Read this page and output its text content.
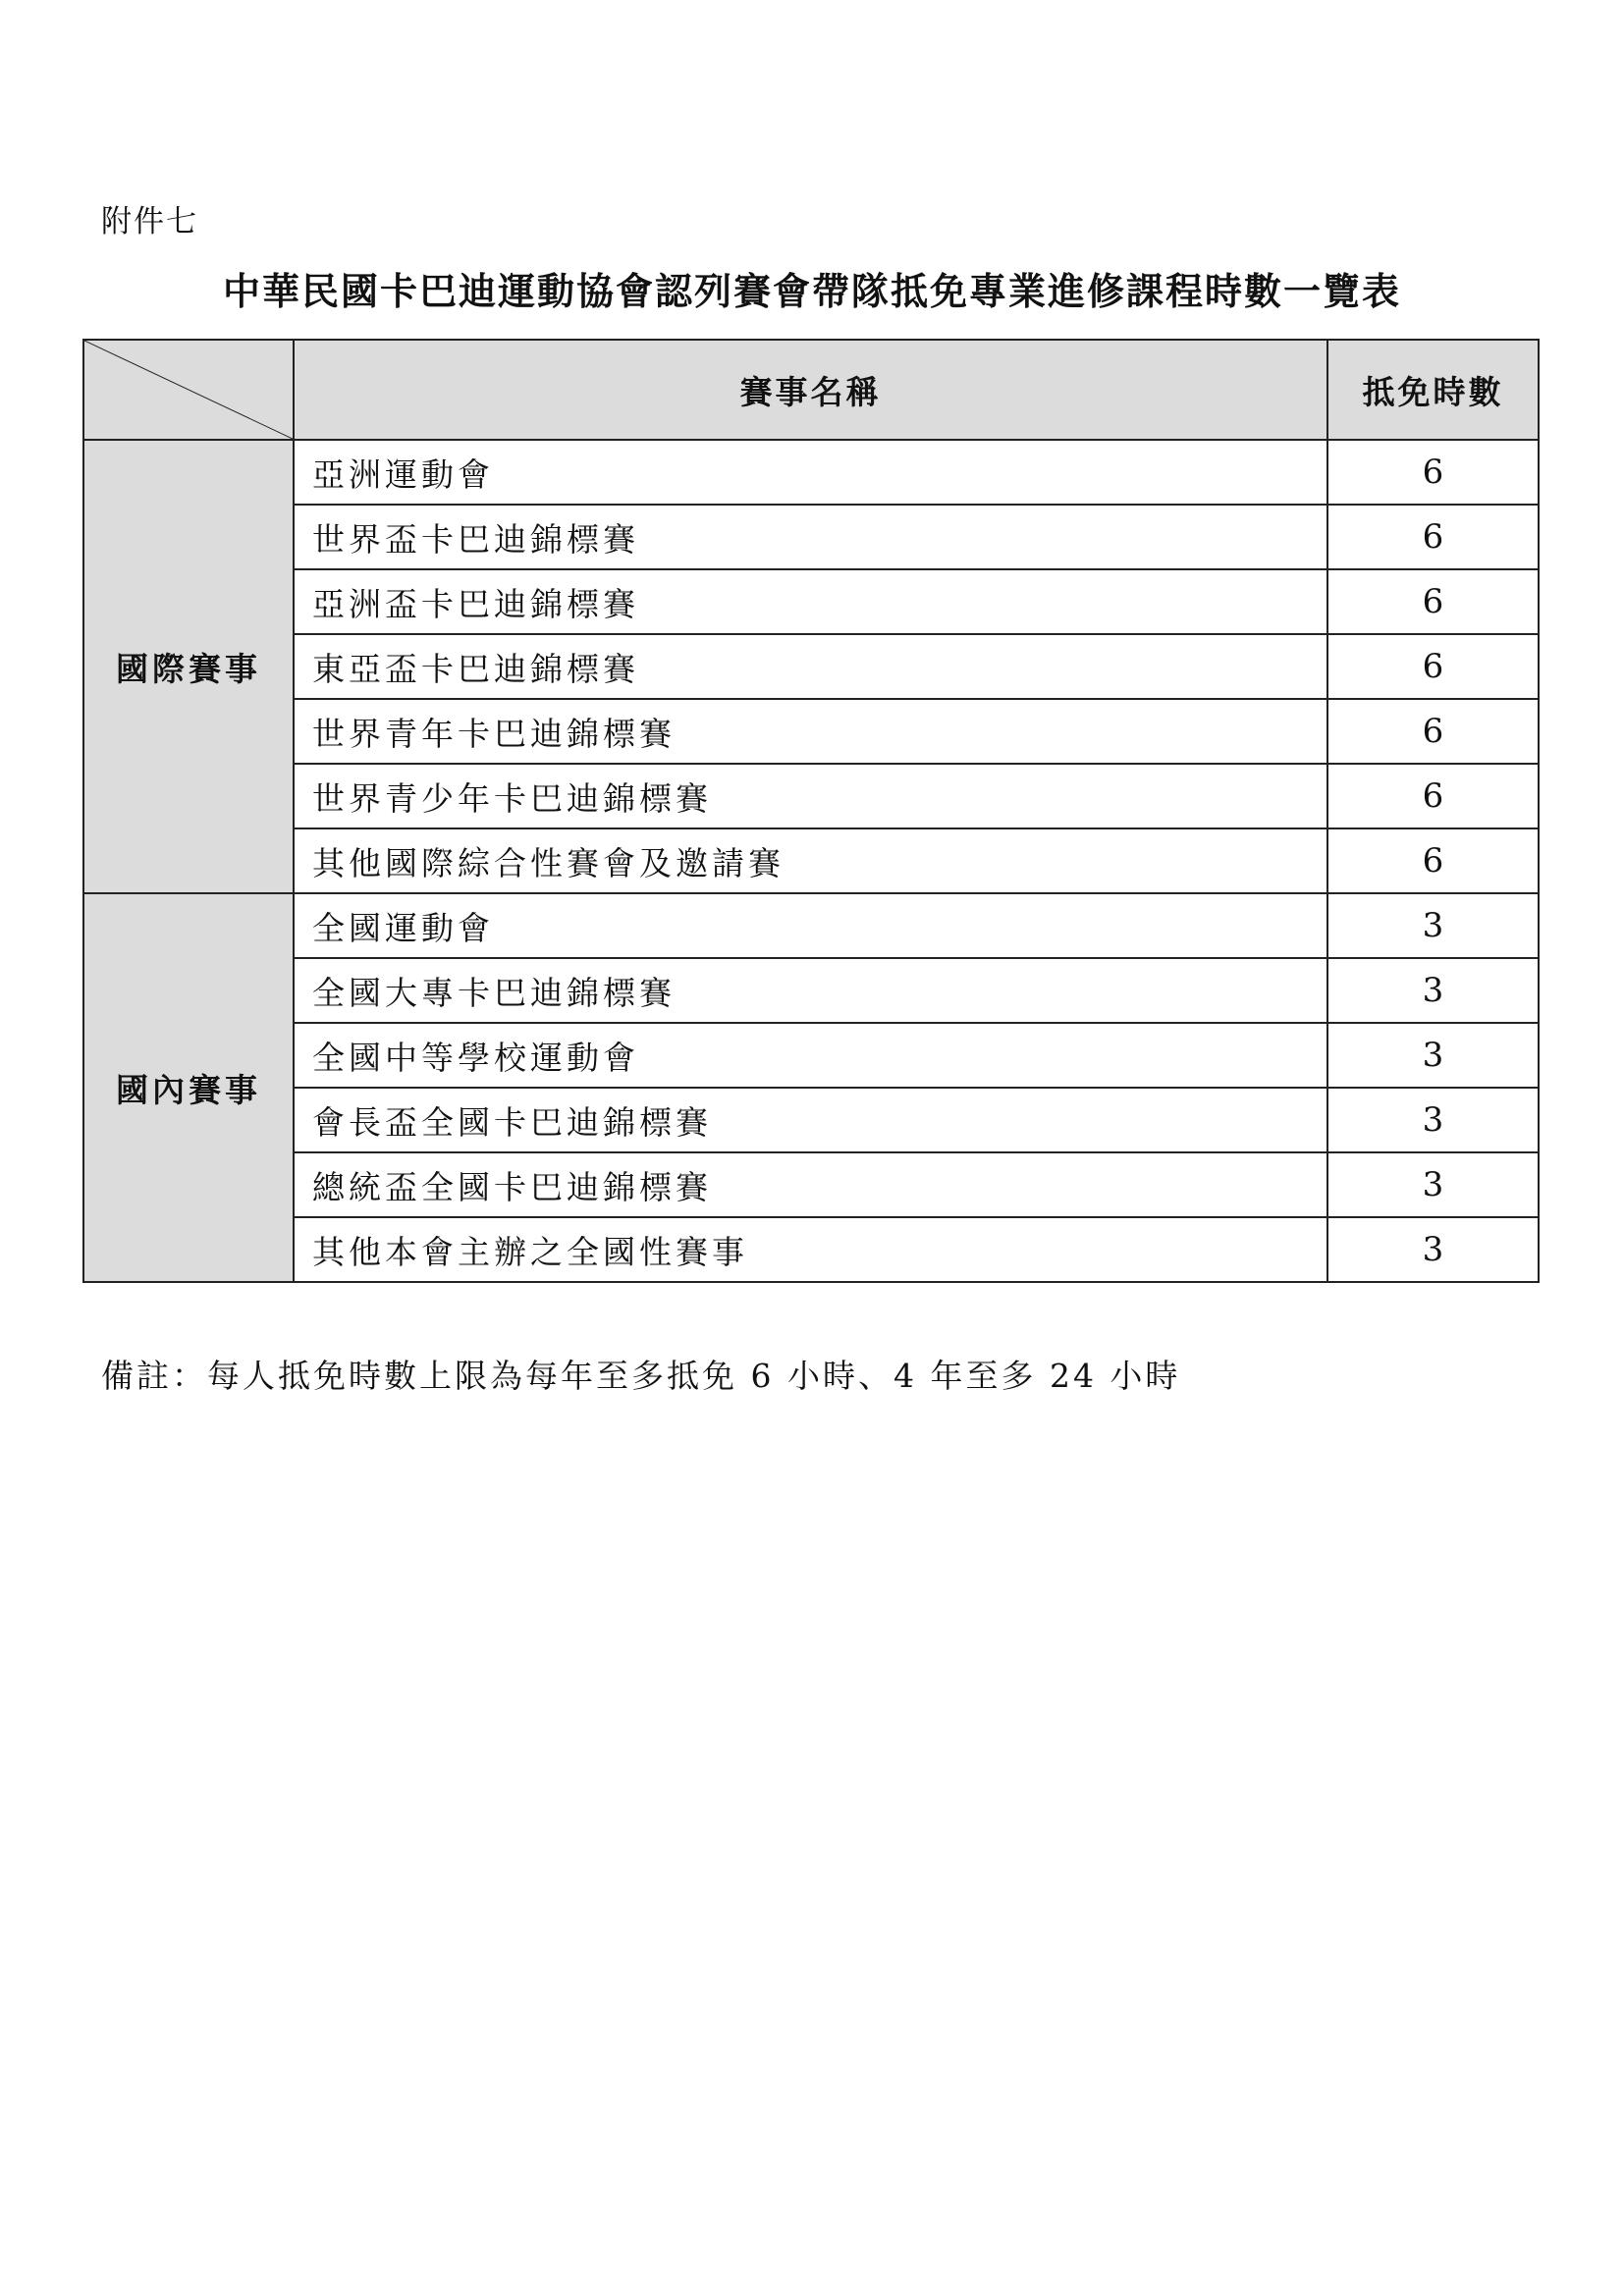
附件七
中華民國卡巴迪運動協會認列賽會帶隊抵免專業進修課程時數一覽表
	賽事名稱	抵免時數
國際賽事	亞洲運動會	6
	世界盃卡巴迪錦標賽	6
	亞洲盃卡巴迪錦標賽	6
	東亞盃卡巴迪錦標賽	6
	世界青年卡巴迪錦標賽	6
	世界青少年卡巴迪錦標賽	6
	其他國際綜合性賽會及邀請賽	6
國內賽事	全國運動會	3
	全國大專卡巴迪錦標賽	3
	全國中等學校運動會	3
	會長盃全國卡巴迪錦標賽	3
	總統盃全國卡巴迪錦標賽	3
	其他本會主辦之全國性賽事	3
備註：每人抵免時數上限為每年至多抵免 6 小時、4 年至多 24 小時
